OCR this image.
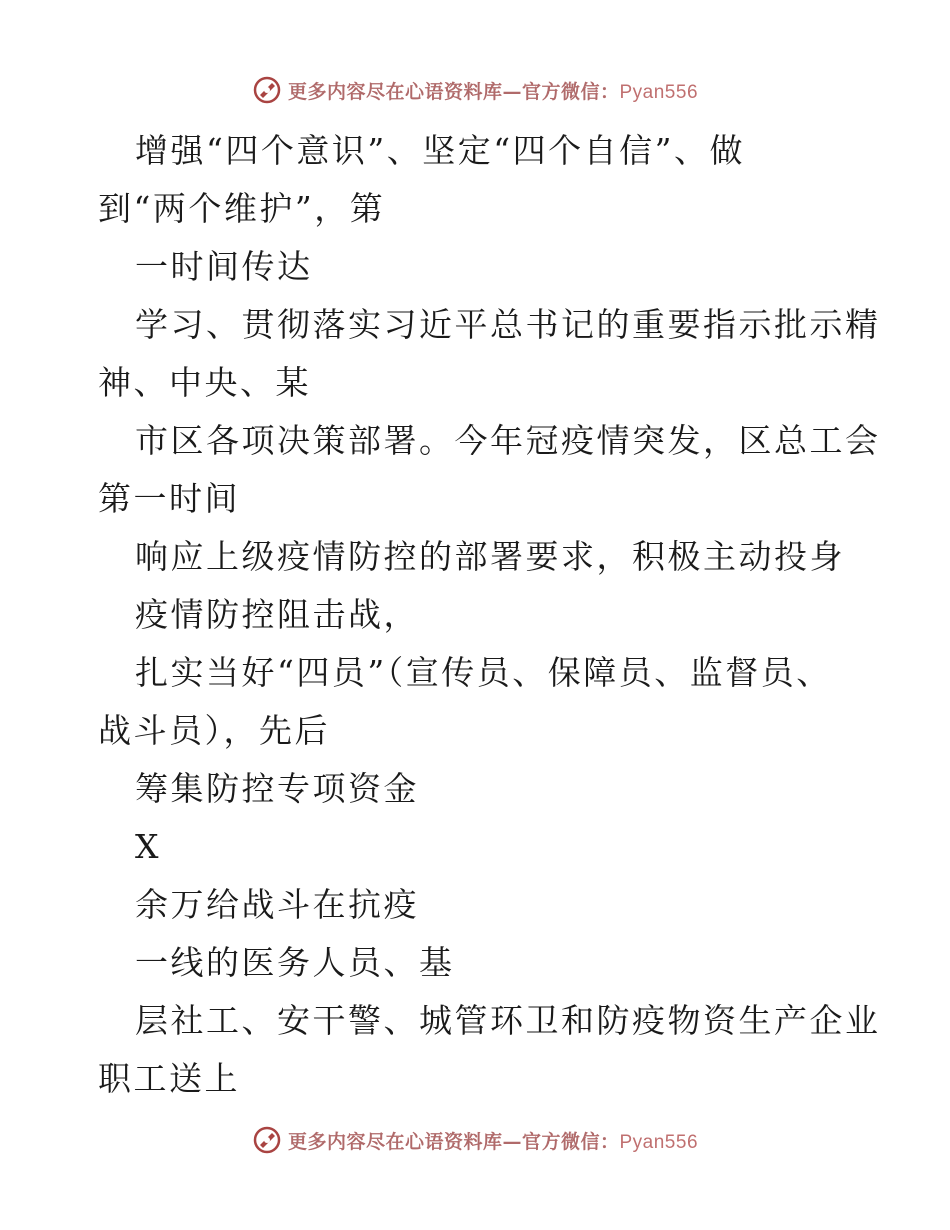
更多内容尽在心语资料库—官方微信：Pyan556
增强“四个意识”、坚定“四个自信”、做
到“两个维护”，第
一时间传达
学习、贯彻落实习近平总书记的重要指示批示精
神、中央、某
市区各项决策部署。今年冠疫情突发，区总工会
第一时间
响应上级疫情防控的部署要求，积极主动投身
疫情防控阻击战，
扎实当好“四员”（宣传员、保障员、监督员、
战斗员），先后
筹集防控专项资金
X
余万给战斗在抗疫
一线的医务人员、基
层社工、安干警、城管环卫和防疫物资生产企业
职工送上
更多内容尽在心语资料库—官方微信：Pyan556
